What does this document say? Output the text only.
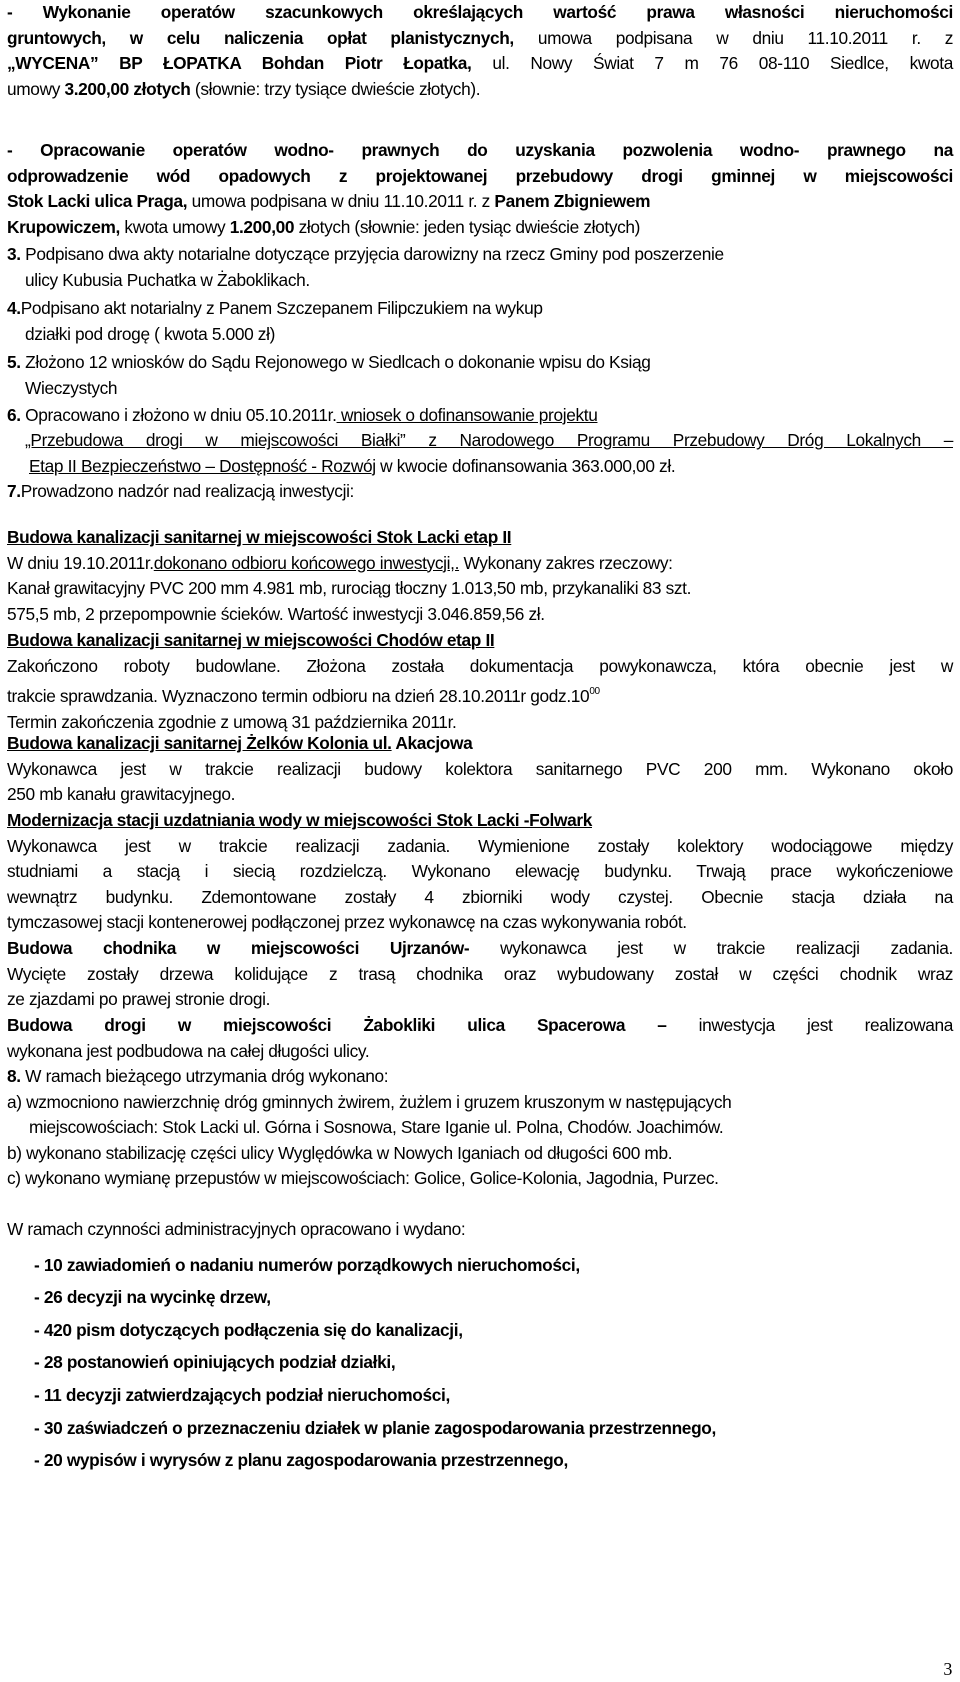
- Wykonanie operatów szacunkowych określających wartość prawa własności nieruchomości

gruntowych, w celu naliczenia opłat planistycznych, umowa podpisana w dniu 11.10.2011 r. z

„WYCENA” BP ŁOPATKA Bohdan Piotr Łopatka, ul. Nowy Świat 7 m 76 08-110 Siedlce, kwota

umowy 3.200,00 złotych (słownie: trzy tysiące dwieście złotych).

- Opracowanie operatów wodno- prawnych do uzyskania pozwolenia wodno- prawnego na

odprowadzenie wód opadowych z projektowanej przebudowy drogi gminnej w miejscowości

Stok Lacki ulica Praga, umowa podpisana w dniu 11.10.2011 r. z Panem Zbigniewem

Krupowiczem, kwota umowy 1.200,00 złotych (słownie: jeden tysiąc dwieście złotych)

3. Podpisano dwa akty notarialne dotyczące przyjęcia darowizny na rzecz Gminy pod poszerzenie

ulicy Kubusia Puchatka w Żaboklikach.

4.Podpisano akt notarialny z Panem Szczepanem Filipczukiem na wykup

działki pod drogę ( kwota 5.000 zł)

5. Złożono 12 wniosków do Sądu Rejonowego w Siedlcach o dokonanie wpisu do Ksiąg

Wieczystych

6. Opracowano i złożono w dniu 05.10.2011r. wniosek o dofinansowanie projektu

„Przebudowa drogi w miejscowości Białki” z Narodowego Programu Przebudowy Dróg Lokalnych –

Etap II Bezpieczeństwo – Dostępność - Rozwój w kwocie dofinansowania 363.000,00 zł.

7.Prowadzono nadzór nad realizacją inwestycji:

Budowa kanalizacji sanitarnej w miejscowości Stok Lacki etap II

W dniu 19.10.2011r.dokonano odbioru końcowego inwestycji,. Wykonany zakres rzeczowy:

Kanał grawitacyjny PVC 200 mm 4.981 mb, rurociąg tłoczny 1.013,50 mb, przykanaliki 83 szt.

575,5 mb, 2 przepompownie ścieków. Wartość inwestycji 3.046.859,56 zł.

Budowa kanalizacji sanitarnej w miejscowości Chodów etap II

Zakończono roboty budowlane. Złożona została dokumentacja powykonawcza, która obecnie jest w

trakcie sprawdzania. Wyznaczono termin odbioru na dzień 28.10.2011r $godz.10^{00}$

Termin zakończenia zgodnie z umową 31 października 2011r.

Budowa kanalizacji sanitarnej Żelków Kolonia ul. Akacjowa

Wykonawca jest w trakcie realizacji budowy kolektora sanitarnego PVC 200 mm. Wykonano około

250 mb kanału grawitacyjnego.

Modernizacja stacji uzdatniania wody w miejscowości Stok Lacki -Folwark

Wykonawca jest w trakcie realizacji zadania. Wymienione zostały kolektory wodociągowe między

studniami a stacją i siecią rozdzielczą. Wykonano elewację budynku. Trwają prace wykończeniowe

wewnątrz budynku. Zdemontowane zostały 4 zbiorniki wody czystej. Obecnie stacja działa na

tymczasowej stacji kontenerowej podłączonej przez wykonawcę na czas wykonywania robót.

Budowa chodnika w miejscowości Ujrzanów- wykonawca jest w trakcie realizacji zadania.

Wycięte zostały drzewa kolidujące z trasą chodnika oraz wybudowany został w części chodnik wraz

ze zjazdami po prawej stronie drogi.

Budowa drogi w miejscowości Żabokliki ulica Spacerowa – inwestycja jest realizowana

wykonana jest podbudowa na całej długości ulicy.

8. W ramach bieżącego utrzymania dróg wykonano:

a) wzmocniono nawierzchnię dróg gminnych żwirem, żużlem i gruzem kruszonym w następujących

miejscowościach: Stok Lacki ul. Górna i Sosnowa, Stare Iganie ul. Polna, Chodów. Joachimów.

b) wykonano stabilizację części ulicy Wyględówka w Nowych Iganiach od długości 600 mb.

c) wykonano wymianę przepustów w miejscowościach: Golice, Golice-Kolonia, Jagodnia, Purzec.

W ramach czynności administracyjnych opracowano i wydano:

- 10 zawiadomień o nadaniu numerów porządkowych nieruchomości,

- 26 decyzji na wycinkę drzew,

- 420 pism dotyczących podłączenia się do kanalizacji,

- 28 postanowień opiniujących podział działki,

- 11 decyzji zatwierdzających podział nieruchomości,

- 30 zaświadczeń o przeznaczeniu działek w planie zagospodarowania przestrzennego,

- 20 wypisów i wyrysów z planu zagospodarowania przestrzennego,

3
